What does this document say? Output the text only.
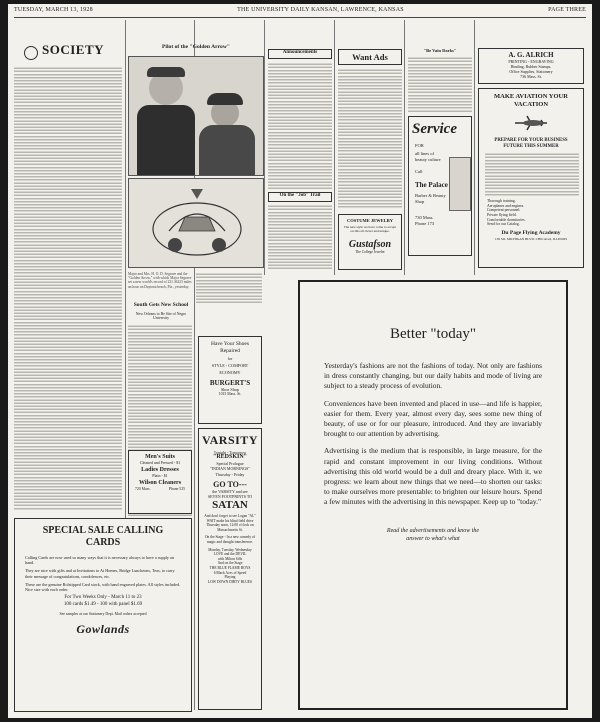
TUESDAY, MARCH 13, 1928	THE UNIVERSITY DAILY KANSAN, LAWRENCE, KANSAS	PAGE THREE
SOCIETY	Pilot of the "Golden Arrow"
Major and Mrs. H. O. D. Segrave and the "Golden Arrow," with which Major Segrave set a new world's record of 231.36223 miles an hour on Daytona beach, Fla., yesterday.
South Gets New School
New Orleans to Be Site of Negro University
Announcements
On the "Job" Trail
Want Ads
"Be Vain Darks"
Service
FOR
all lines of
beauty culture
Call
The Palace
Barber & Beauty
Shop
730 Mass.
Phone 173
COSTUME JEWELRY
The new style we have come to accept on this all clever and unique.
Gustafson
The College Jeweler
A. G. ALRICH
PRINTING - ENGRAVING
Binding, Rubber Stamps,
Office Supplies, Stationery
736 Mass. St.
MAKE AVIATION YOUR VACATION
PREPARE FOR YOUR BUSINESS FUTURE THIS SUMMER
Thorough training.
Aeroplanes and engines.
Competent personnel.
Private flying field.
Comfortable dormitories.
Send for our Catalog.
Du Page Flying Academy
139 SO. MICHIGAN BLVD. CHICAGO, ILLINOIS
Have Your Shoes
Repaired
for
STYLE - COMFORT
ECONOMY
BURGERT'S
Shoe Shop
1015 Mass. St.
VARSITY
Tonight - Tomorrow
"REDSKIN"
Special Prologue
"INDIAN MORNINGS"
Thursday - Friday
GO TO---
the VARSITY and see
SEVEN FOOTPRINTS TO
SATAN
And don't forget to see Logan "AL" WAIT make his blind field drive Thursday noon, 12:00 o'clock on Massachusetts St.
On the Stage - In a new comedy of magic and thought transference.
Monday, Tuesday, Wednesday
LOVE and the DEVIL
with Milton Sills
And on the Stage
THE BLUE FLAME BOYS
6 Black Aces of Speed
Playing
LOW DOWN DIRTY BLUES
Men's Suits
Cleaned and Pressed - $1
Ladies Dresses
Plain - $1
Wilson Cleaners
720 Mass.	Phone 525
SPECIAL SALE CALLING CARDS

Calling Cards are now used so many ways that it is necessary always to have a supply on hand.

They are nice with gifts and at Invitations to At Homes, Bridge Luncheons, Teas, to carry their message of congratulations, condolences, etc.

These are the genuine Rolstipped Card stock, with hand engraved plates. All styles included. Nice size with each order.

For Two Weeks Only - March 11 to 23
100 cards $1.49 - 100 with panel $1.69
See samples at our Stationery Dept. Mail orders accepted
Gowlands
Better "today"

Yesterday's fashions are not the fashions of today. Not only are fashions in dress constantly changing, but our daily habits and mode of living are subject to a steady process of evolution.

Conveniences have been invented and placed in use—and life is happier, easier for them. Every year, almost every day, sees some new thing of beauty, of use or for our pleasure, introduced. And they are invariably brought to our attention by advertising.

Advertising is the medium that is responsible, in large measure, for the rapid and constant improvement in our living conditions. Without advertising this old world would be a dull and dreary place. With it, we progress: we learn about new things that we need—to shorten our tasks: to make ourselves more presentable: to brighten our leisure hours. Spend a few minutes with the advertising in this newspaper. Keep up to "today."

Read the advertisements and know the
answer to what's what
